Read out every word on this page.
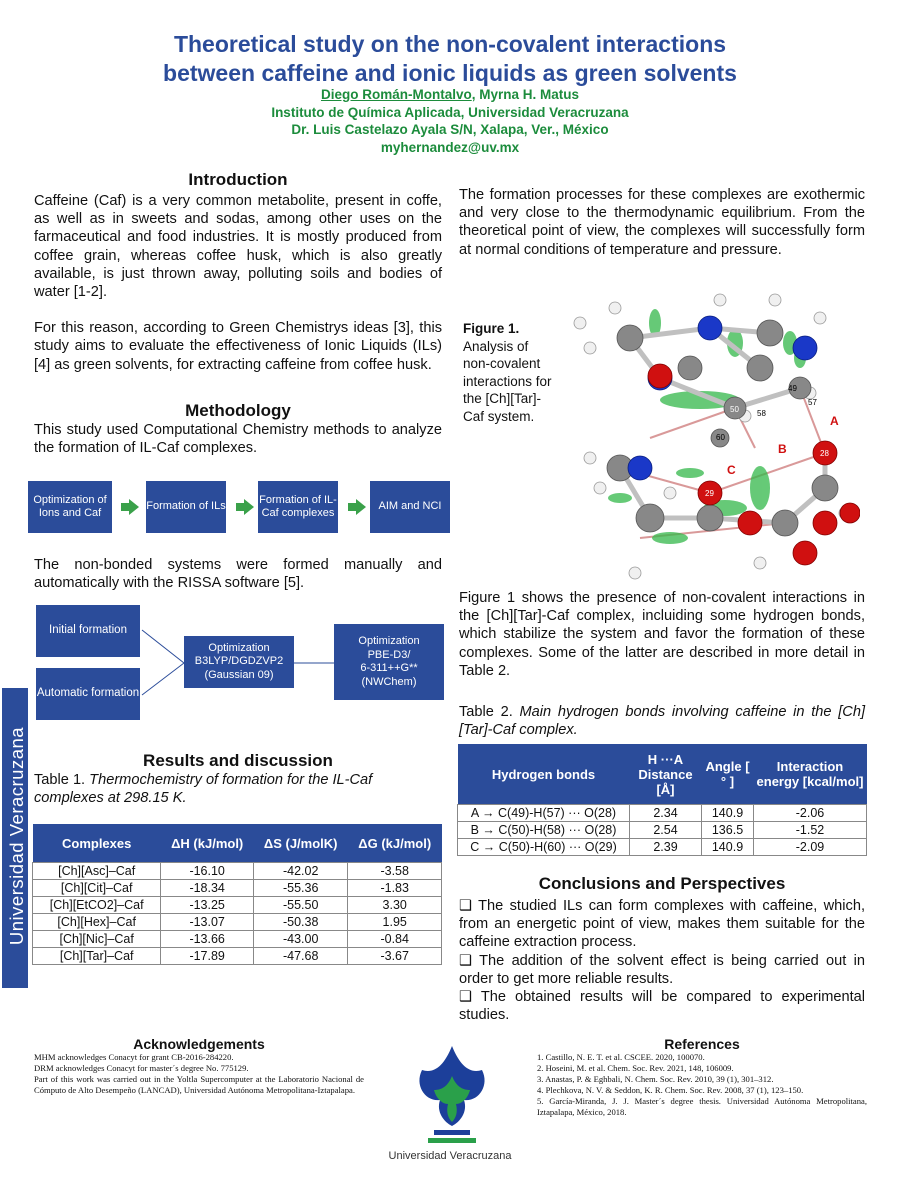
Theoretical study on the non-covalent interactions
between caffeine and ionic liquids as green solvents
Diego Román-Montalvo, Myrna H. Matus
Instituto de Química Aplicada, Universidad Veracruzana
Dr. Luis Castelazo Ayala S/N, Xalapa, Ver., México
myhernandez@uv.mx
Introduction
Caffeine (Caf) is a very common metabolite, present in coffe, as well as in sweets and sodas, among other uses on the farmaceutical and food industries. It is mostly produced from coffee grain, whereas coffee husk, which is also greatly available, is just thrown away, polluting soils and bodies of water [1-2].
For this reason, according to Green Chemistrys ideas [3], this study aims to evaluate the effectiveness of Ionic Liquids (ILs) [4] as green solvents, for extracting caffeine from coffee husk.
Methodology
This study used Computational Chemistry methods to analyze the formation of IL-Caf complexes.
Optimization of Ions and Caf
Formation of ILs
Formation of IL-Caf complexes
AIM and NCI
The non-bonded systems were formed manually and automatically with the RISSA software [5].
Initial formation
Automatic formation
Optimization
B3LYP/DGDZVP2
(Gaussian 09)
Optimization
PBE-D3/
6-311++G**
(NWChem)
Universidad Veracruzana	Results and discussion
Table 1. Thermochemistry of formation for the IL-Caf complexes at 298.15 K.
Complexes	ΔH (kJ/mol)	ΔS (J/molK)	ΔG (kJ/mol)
[Ch][Asc]–Caf	-16.10	-42.02	-3.58
[Ch][Cit]–Caf	-18.34	-55.36	-1.83
[Ch][EtCO2]–Caf	-13.25	-55.50	3.30
[Ch][Hex]–Caf	-13.07	-50.38	1.95
[Ch][Nic]–Caf	-13.66	-43.00	-0.84
[Ch][Tar]–Caf	-17.89	-47.68	-3.67
The formation processes for these complexes are exothermic and very close to the thermodynamic equilibrium. From the theoretical point of view, the complexes will successfully form at normal conditions of temperature and pressure.
Figure 1.
Analysis of non-covalent interactions for the [Ch][Tar]-Caf system.
49
57
50 58
60
28
29
A
B
C
Figure 1 shows the presence of non-covalent interactions in the [Ch][Tar]-Caf complex, incluiding some hydrogen bonds, which stabilize the system and favor the formation of these complexes. Some of the latter are described in more detail in Table 2.
Table 2. Main hydrogen bonds involving caffeine in the [Ch][Tar]-Caf complex.
Hydrogen bonds	H ···A Distance [Å]	Angle [ ° ]	Interaction energy [kcal/mol]
A → C(49)-H(57) ··· O(28)	2.34	140.9	-2.06
B → C(50)-H(58) ··· O(28)	2.54	136.5	-1.52
C → C(50)-H(60) ··· O(29)	2.39	140.9	-2.09
Conclusions and Perspectives
❑ The studied ILs can form complexes with caffeine, which, from an energetic point of view, makes them suitable for the caffeine extraction process.
❑ The addition of the solvent effect is being carried out in order to get more reliable results.
❑ The obtained results will be compared to experimental studies.
Acknowledgements
MHM acknowledges Conacyt for grant CB-2016-284220.
DRM acknowledges Conacyt for master´s degree No. 775129.
Part of this work was carried out in the Yoltla Supercomputer at the Laboratorio Nacional de Cómputo de Alto Desempeño (LANCAD), Universidad Autónoma Metropolitana-Iztapalapa.
Universidad Veracruzana
References
1. Castillo, N. E. T. et al. CSCEE. 2020, 100070.
2. Hoseini, M. et al. Chem. Soc. Rev. 2021, 148, 106009.
3. Anastas, P. & Eghbali, N. Chem. Soc. Rev. 2010, 39 (1), 301–312.
4. Plechkova, N. V. & Seddon, K. R. Chem. Soc. Rev. 2008, 37 (1), 123–150.
5. García-Miranda, J. J. Master´s degree thesis. Universidad Autónoma Metropolitana, Iztapalapa, México, 2018.
